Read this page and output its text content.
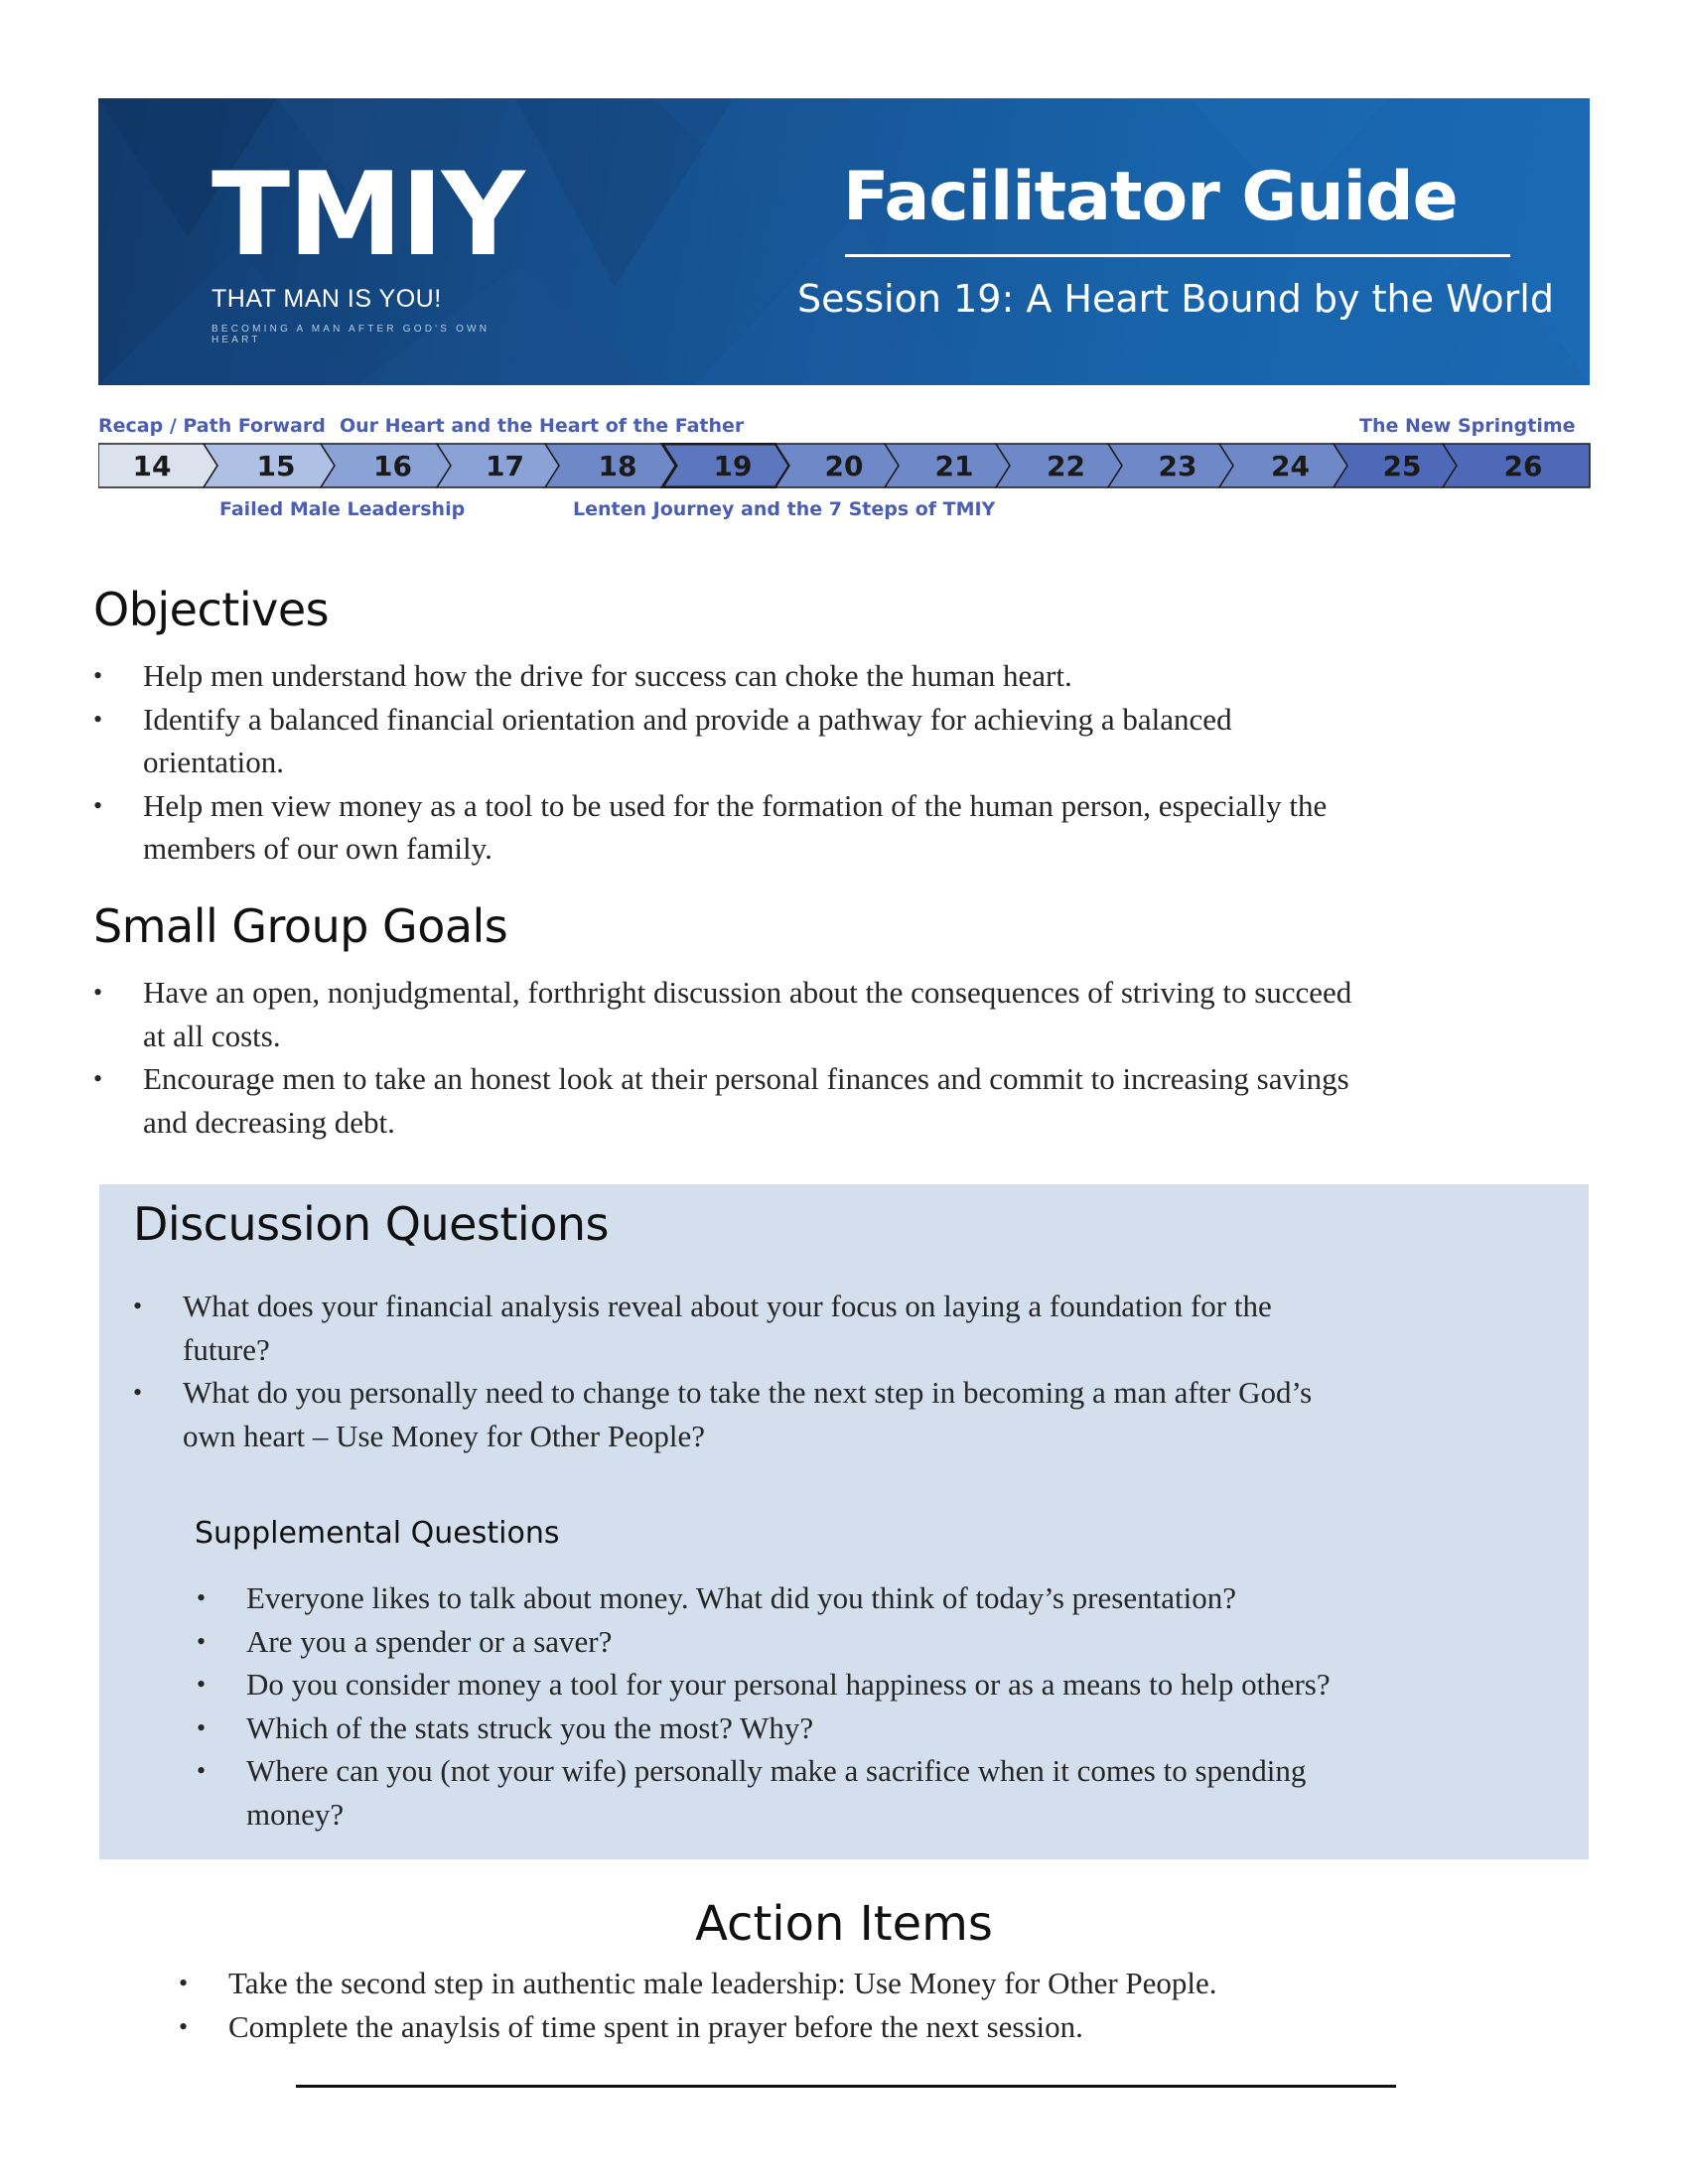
TMIY
THAT MAN IS YOU!
BECOMING A MAN AFTER GOD'S OWN HEART
Facilitator Guide
Session 19: A Heart Bound by the World
Recap / Path Forward Our Heart and the Heart of the Father	The New Springtime
Failed Male Leadership	Lenten Journey and the 7 Steps of TMIY
14	15	16	17	18	19	20	21	22	23	24	25	26
Objectives
• Help men understand how the drive for success can choke the human heart.
• Identify a balanced financial orientation and provide a pathway for achieving a balanced
orientation.
• Help men view money as a tool to be used for the formation of the human person, especially the
members of our own family.
Small Group Goals
• Have an open, nonjudgmental, forthright discussion about the consequences of striving to succeed
at all costs.
• Encourage men to take an honest look at their personal finances and commit to increasing savings
and decreasing debt.
Discussion Questions
• What does your financial analysis reveal about your focus on laying a foundation for the
future?
• What do you personally need to change to take the next step in becoming a man after God’s
own heart – Use Money for Other People?
Supplemental Questions
• Everyone likes to talk about money. What did you think of today’s presentation?
• Are you a spender or a saver?
• Do you consider money a tool for your personal happiness or as a means to help others?
• Which of the stats struck you the most? Why?
• Where can you (not your wife) personally make a sacrifice when it comes to spending
money?
Action Items
• Take the second step in authentic male leadership: Use Money for Other People.
• Complete the anaylsis of time spent in prayer before the next session.
